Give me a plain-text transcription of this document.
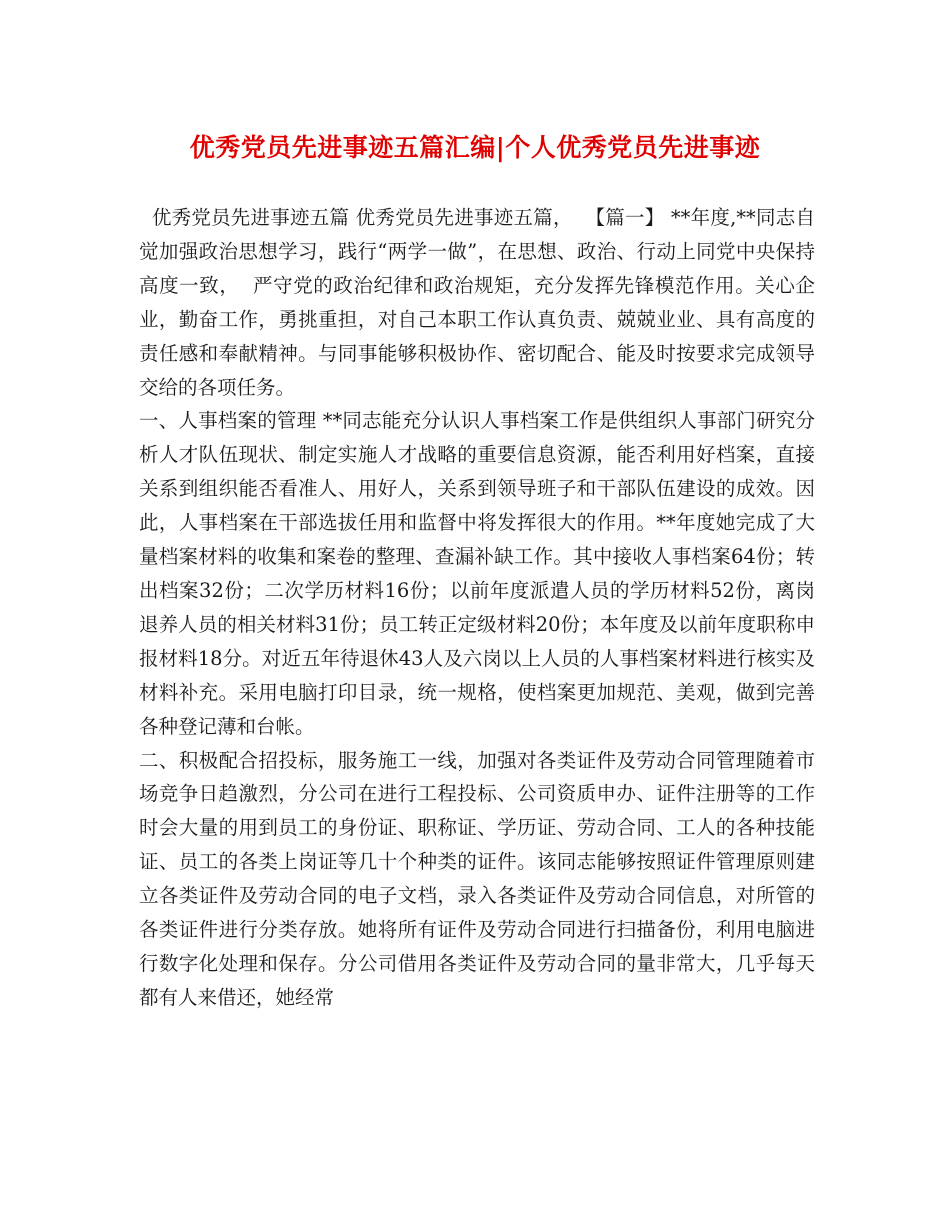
优秀党员先进事迹五篇汇编|个人优秀党员先进事迹

优秀党员先进事迹五篇 优秀党员先进事迹五篇，  【篇一】 **年度,**同志自觉加强政治思想学习，践行“两学一做”，在思想、政治、行动上同党中央保持高度一致，  严守党的政治纪律和政治规矩，充分发挥先锋模范作用。关心企业，勤奋工作，勇挑重担，对自己本职工作认真负责、兢兢业业、具有高度的责任感和奉献精神。与同事能够积极协作、密切配合、能及时按要求完成领导交给的各项任务。

一、人事档案的管理 **同志能充分认识人事档案工作是供组织人事部门研究分析人才队伍现状、制定实施人才战略的重要信息资源，能否利用好档案，直接关系到组织能否看准人、用好人，关系到领导班子和干部队伍建设的成效。因此，人事档案在干部选拔任用和监督中将发挥很大的作用。**年度她完成了大量档案材料的收集和案卷的整理、查漏补缺工作。其中接收人事档案64份；转出档案32份；二次学历材料16份；以前年度派遣人员的学历材料52份，离岗退养人员的相关材料31份；员工转正定级材料20份；本年度及以前年度职称申报材料18分。对近五年待退休43人及六岗以上人员的人事档案材料进行核实及材料补充。采用电脑打印目录，统一规格，使档案更加规范、美观，做到完善各种登记薄和台帐。

二、积极配合招投标，服务施工一线，加强对各类证件及劳动合同管理随着市场竞争日趋激烈，分公司在进行工程投标、公司资质申办、证件注册等的工作时会大量的用到员工的身份证、职称证、学历证、劳动合同、工人的各种技能证、员工的各类上岗证等几十个种类的证件。该同志能够按照证件管理原则建立各类证件及劳动合同的电子文档，录入各类证件及劳动合同信息，对所管的各类证件进行分类存放。她将所有证件及劳动合同进行扫描备份，利用电脑进行数字化处理和保存。分公司借用各类证件及劳动合同的量非常大，几乎每天都有人来借还，她经常
